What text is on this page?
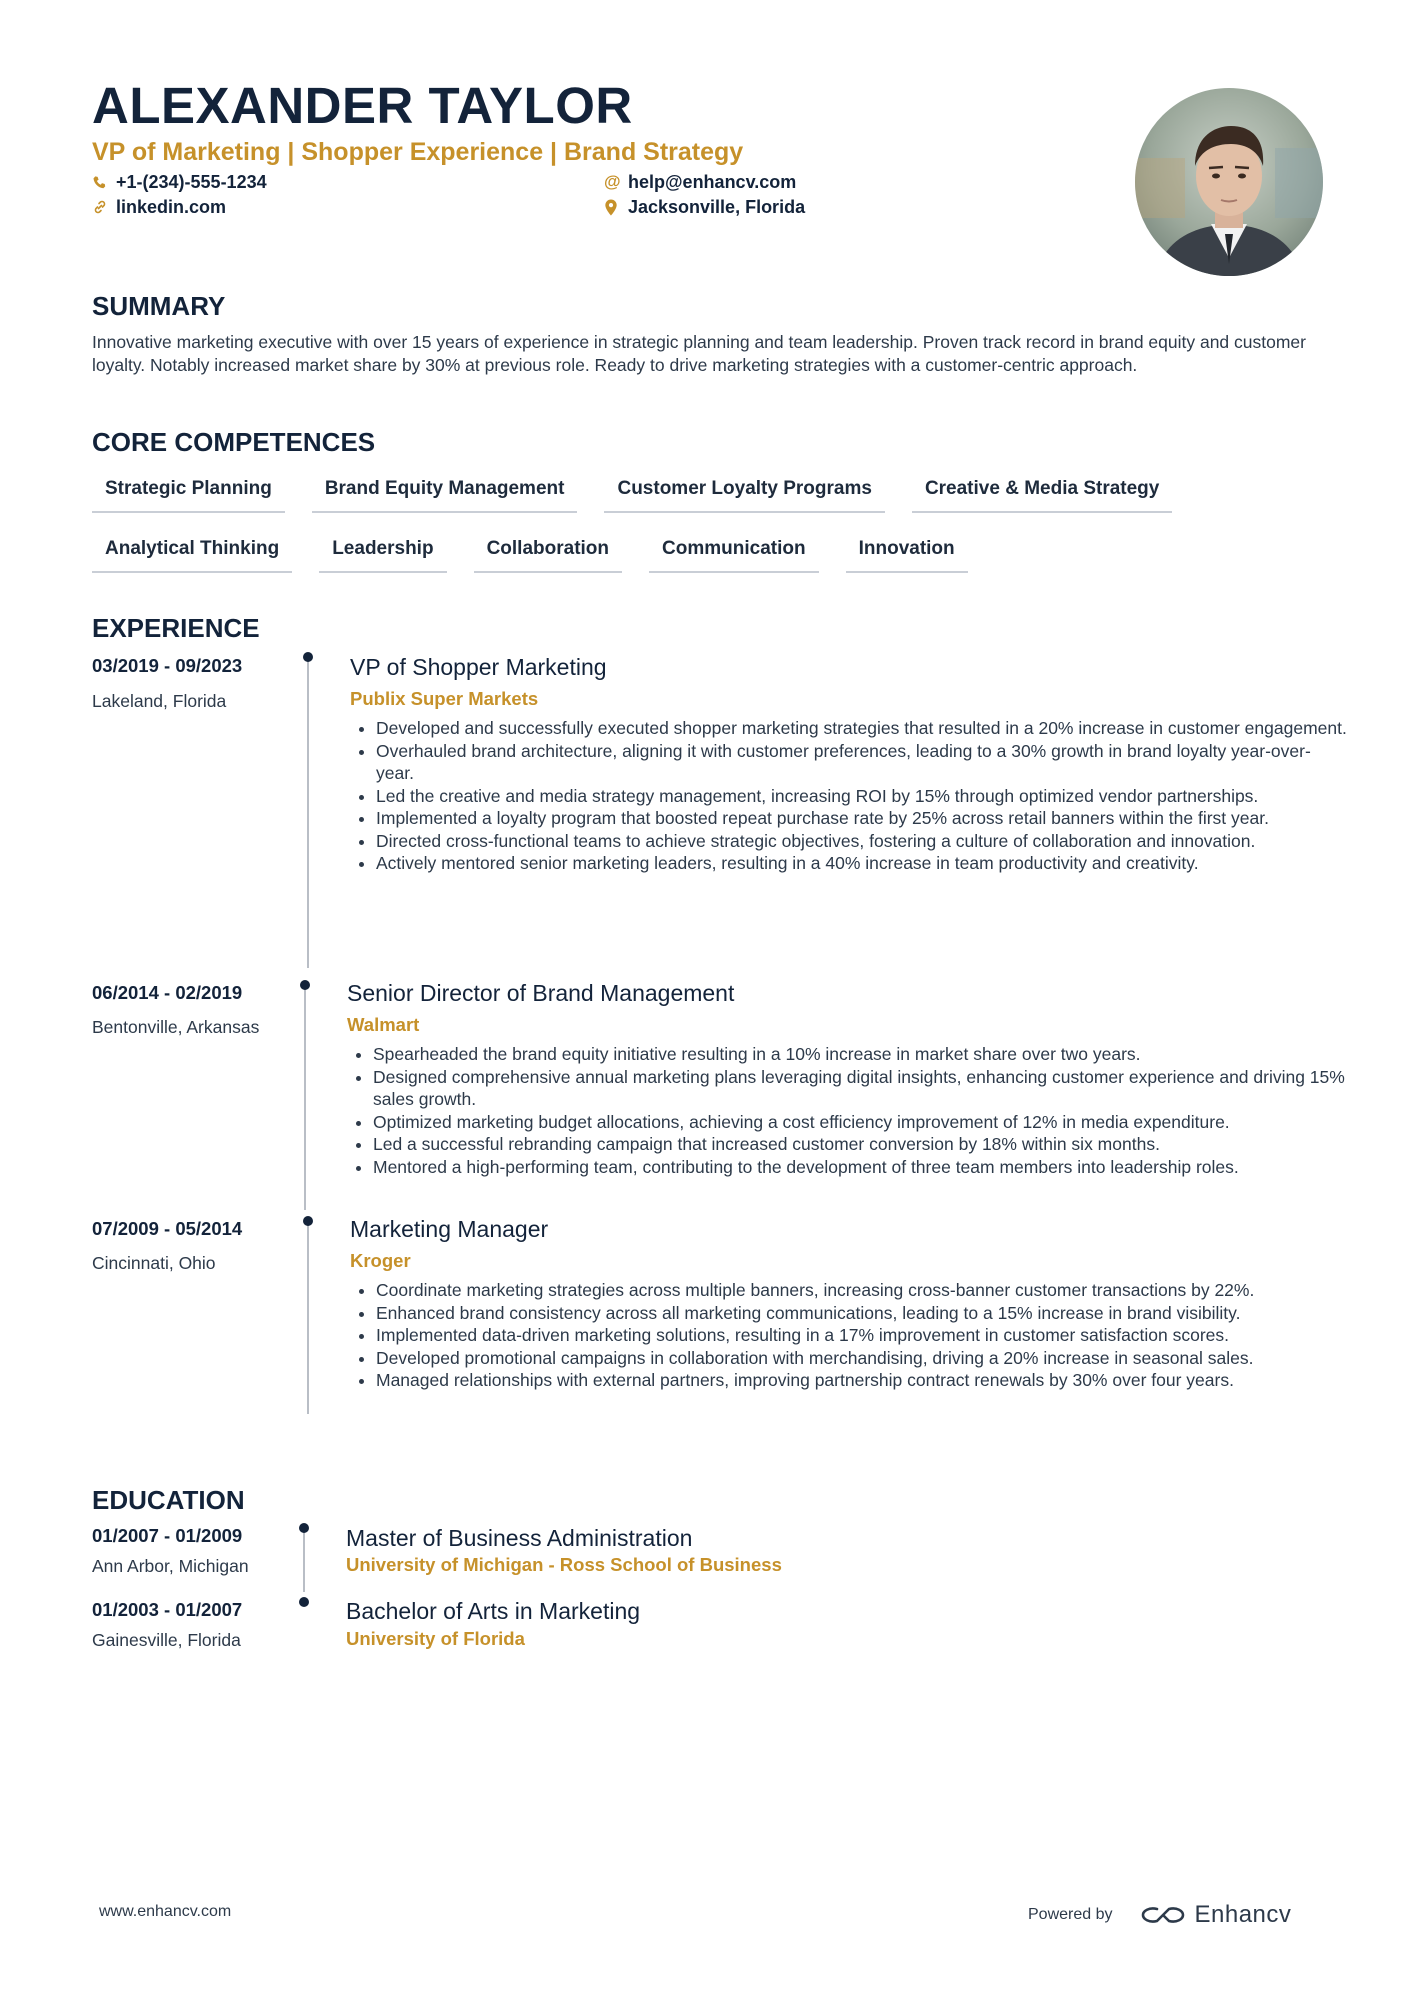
ALEXANDER TAYLOR
VP of Marketing | Shopper Experience | Brand Strategy
+1-(234)-555-1234
linkedin.com
@ help@enhancv.com
Jacksonville, Florida
SUMMARY
Innovative marketing executive with over 15 years of experience in strategic planning and team leadership. Proven track record in brand equity and customer loyalty. Notably increased market share by 30% at previous role. Ready to drive marketing strategies with a customer-centric approach.
CORE COMPETENCES
Strategic Planning	Brand Equity Management	Customer Loyalty Programs	Creative & Media Strategy
Analytical Thinking	Leadership	Collaboration	Communication	Innovation
EXPERIENCE
03/2019 - 09/2023
Lakeland, Florida
VP of Shopper Marketing
Publix Super Markets
• Developed and successfully executed shopper marketing strategies that resulted in a 20% increase in customer engagement.
• Overhauled brand architecture, aligning it with customer preferences, leading to a 30% growth in brand loyalty year-over-year.
• Led the creative and media strategy management, increasing ROI by 15% through optimized vendor partnerships.
• Implemented a loyalty program that boosted repeat purchase rate by 25% across retail banners within the first year.
• Directed cross-functional teams to achieve strategic objectives, fostering a culture of collaboration and innovation.
• Actively mentored senior marketing leaders, resulting in a 40% increase in team productivity and creativity.
06/2014 - 02/2019
Bentonville, Arkansas
Senior Director of Brand Management
Walmart
• Spearheaded the brand equity initiative resulting in a 10% increase in market share over two years.
• Designed comprehensive annual marketing plans leveraging digital insights, enhancing customer experience and driving 15% sales growth.
• Optimized marketing budget allocations, achieving a cost efficiency improvement of 12% in media expenditure.
• Led a successful rebranding campaign that increased customer conversion by 18% within six months.
• Mentored a high-performing team, contributing to the development of three team members into leadership roles.
07/2009 - 05/2014
Cincinnati, Ohio
Marketing Manager
Kroger
• Coordinate marketing strategies across multiple banners, increasing cross-banner customer transactions by 22%.
• Enhanced brand consistency across all marketing communications, leading to a 15% increase in brand visibility.
• Implemented data-driven marketing solutions, resulting in a 17% improvement in customer satisfaction scores.
• Developed promotional campaigns in collaboration with merchandising, driving a 20% increase in seasonal sales.
• Managed relationships with external partners, improving partnership contract renewals by 30% over four years.
EDUCATION
01/2007 - 01/2009
Ann Arbor, Michigan
Master of Business Administration
University of Michigan - Ross School of Business
01/2003 - 01/2007
Gainesville, Florida
Bachelor of Arts in Marketing
University of Florida
www.enhancv.com	Powered by	Enhancv
